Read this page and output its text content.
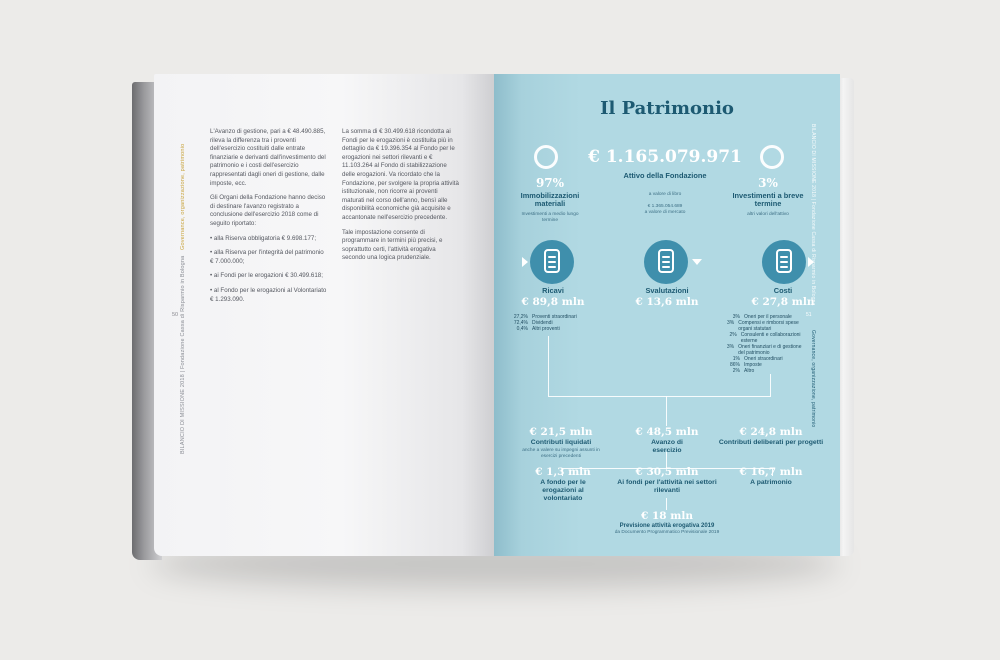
BILANCIO DI MISSIONE 2018 | Fondazione Cassa di Risparmio in Bologna
Governance, organizzazione, patrimonio
50

L'Avanzo di gestione, pari a € 48.490.885, rileva la differenza tra i proventi dell'esercizio costituiti dalle entrate finanziarie e derivanti dall'investimento del patrimonio e i costi dell'esercizio rappresentati dagli oneri di gestione, dalle imposte, ecc.

Gli Organi della Fondazione hanno deciso di destinare l'avanzo registrato a conclusione dell'esercizio 2018 come di seguito riportato:

• alla Riserva obbligatoria € 9.698.177;

• alla Riserva per l'integrità del patrimonio € 7.000.000;

• ai Fondi per le erogazioni € 30.499.618;

• al Fondo per le erogazioni al Volontariato € 1.293.090.

La somma di € 30.499.618 ricondotta ai Fondi per le erogazioni è costituita più in dettaglio da € 19.396.354 al Fondo per le erogazioni nei settori rilevanti e € 11.103.264 al Fondo di stabilizzazione delle erogazioni. Va ricordato che la Fondazione, per svolgere la propria attività istituzionale, non ricorre ai proventi maturati nel corso dell'anno, bensì alle disponibilità economiche già acquisite e accantonate nell'esercizio precedente.

Tale impostazione consente di programmare in termini più precisi, e soprattutto certi, l'attività erogativa secondo una logica prudenziale.

Il Patrimonio
BILANCIO DI MISSIONE 2018 | Fondazione Cassa di Risparmio in Bologna
Governance, organizzazione, patrimonio
51
€ 1.165.079.971
Attivo della Fondazione
a valore di libro
€ 1.365.054.689
a valore di mercato
97%
Immobilizzazioni materiali
Investimenti a medio lungo termine
3%
Investimenti a breve termine
altri valori dell'attivo
Ricavi
€ 89,8 mln
Svalutazioni
€ 13,6 mln
Costi
€ 27,8 mln
27,2% Proventi straordinari
72,4% Dividendi
0,4% Altri proventi
3% Oneri per il personale
3% Compensi e rimborsi spese organi statutari
2% Consulenti e collaborazioni esterne
3% Oneri finanziari e di gestione del patrimonio
1% Oneri straordinari
86% Imposte
2% Altro
€ 21,5 mln
Contributi liquidati
anche a valere su impegni assunti in esercizi precedenti
€ 48,5 mln
Avanzo di esercizio
€ 24,8 mln
Contributi deliberati per progetti
€ 1,3 mln
A fondo per le erogazioni al volontariato
€ 30,5 mln
Ai fondi per l'attività nei settori rilevanti
€ 16,7 mln
A patrimonio
€ 18 mln
Previsione attività erogativa 2019
da Documento Programmatico Previsionale 2019
